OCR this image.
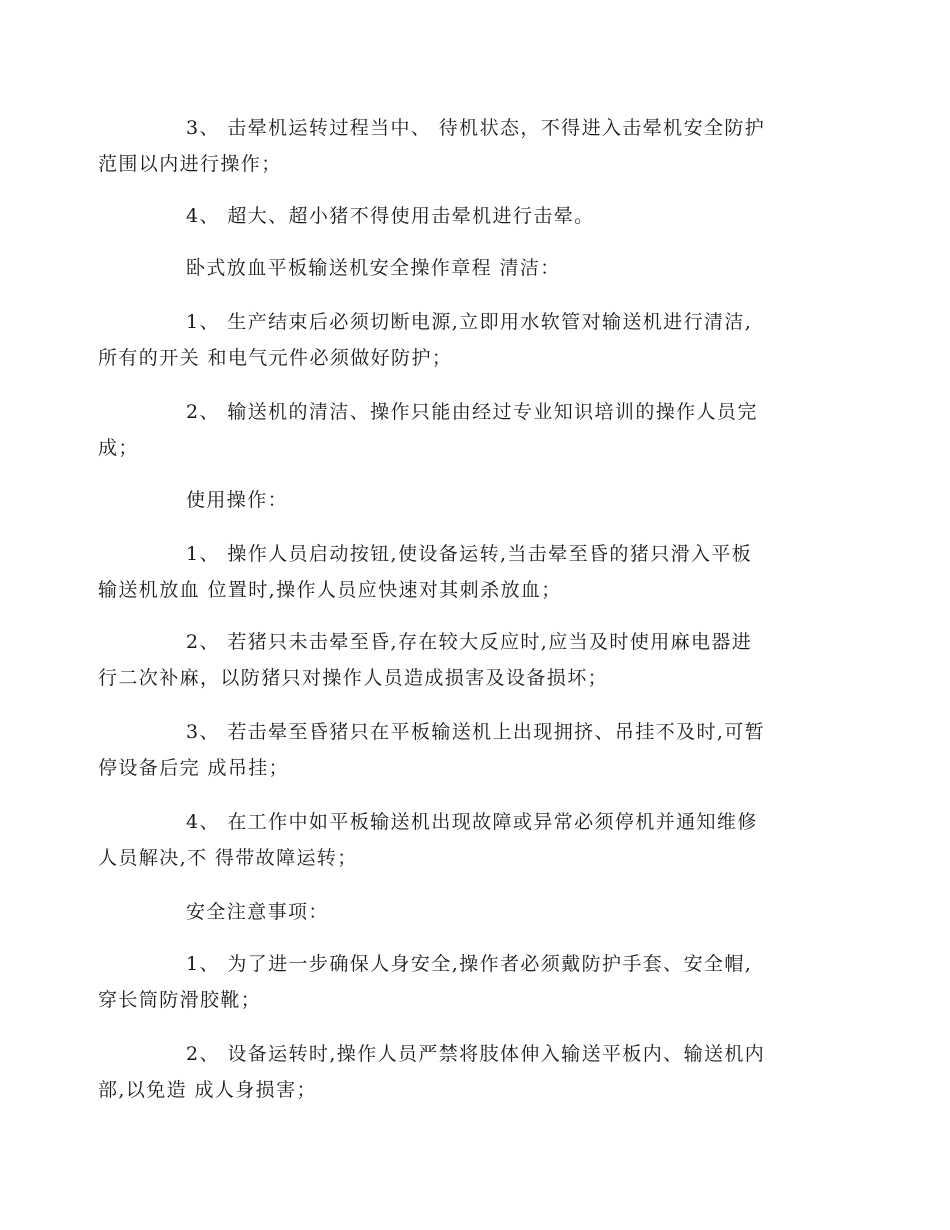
3、 击晕机运转过程当中、 待机状态，不得进入击晕机安全防护
范围以内进行操作；

4、 超大、超小猪不得使用击晕机进行击晕。

卧式放血平板输送机安全操作章程 清洁：

1、 生产结束后必须切断电源,立即用水软管对输送机进行清洁,
所有的开关 和电气元件必须做好防护；

2、 输送机的清洁、操作只能由经过专业知识培训的操作人员完
成；

使用操作：

1、 操作人员启动按钮,使设备运转,当击晕至昏的猪只滑入平板
输送机放血 位置时,操作人员应快速对其刺杀放血；

2、 若猪只未击晕至昏,存在较大反应时,应当及时使用麻电器进
行二次补麻，以防猪只对操作人员造成损害及设备损坏；

3、 若击晕至昏猪只在平板输送机上出现拥挤、吊挂不及时,可暂
停设备后完 成吊挂；

4、 在工作中如平板输送机出现故障或异常必须停机并通知维修
人员解决,不 得带故障运转；

安全注意事项：

1、 为了进一步确保人身安全,操作者必须戴防护手套、安全帽,
穿长筒防滑胶靴；

2、 设备运转时,操作人员严禁将肢体伸入输送平板内、输送机内
部,以免造 成人身损害；
